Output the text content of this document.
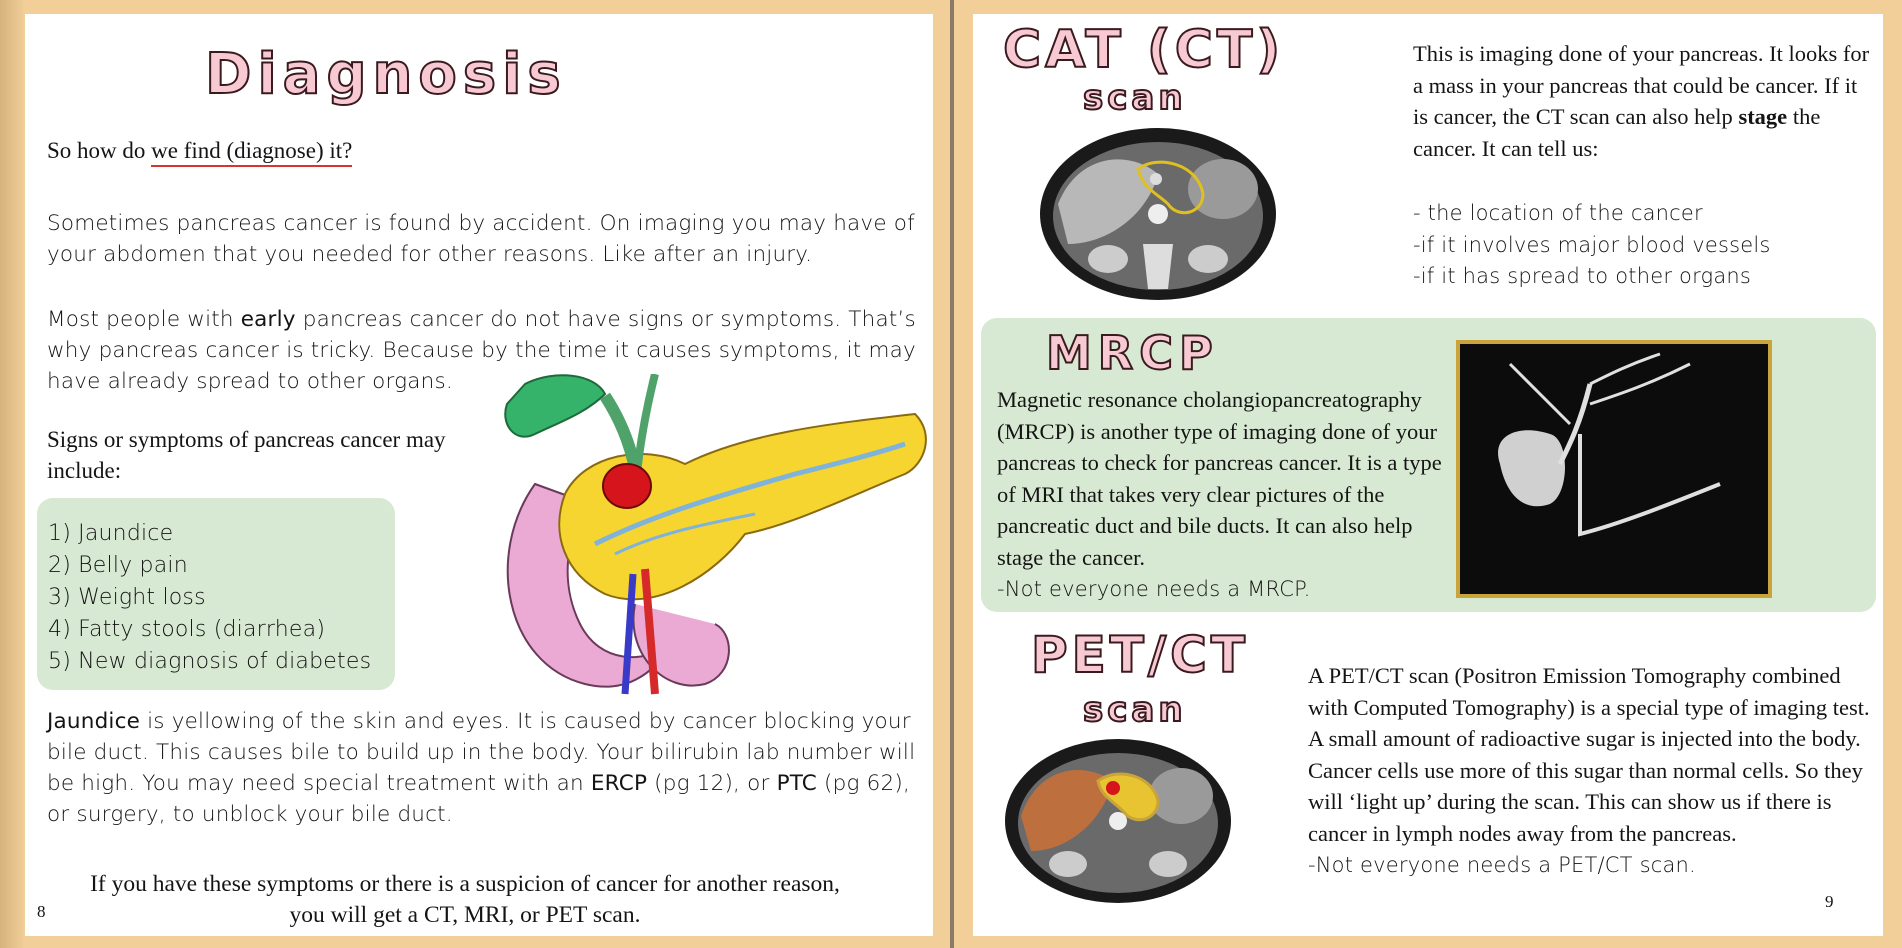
Diagnosis
So how do we find (diagnose) it?
Sometimes pancreas cancer is found by accident. On imaging you may have of your abdomen that you needed for other reasons. Like after an injury.
Most people with early pancreas cancer do not have signs or symptoms. That’s why pancreas cancer is tricky. Because by the time it causes symptoms, it may have already spread to other organs.
Signs or symptoms of pancreas cancer may include:
1) Jaundice
2) Belly pain
3) Weight loss
4) Fatty stools (diarrhea)
5) New diagnosis of diabetes
Jaundice is yellowing of the skin and eyes. It is caused by cancer blocking your bile duct. This causes bile to build up in the body. Your bilirubin lab number will be high. You may need special treatment with an ERCP (pg 12), or PTC (pg 62), or surgery, to unblock your bile duct.
If you have these symptoms or there is a suspicion of cancer for another reason, you will get a CT, MRI, or PET scan.
8
CAT (CT)
scan
This is imaging done of your pancreas. It looks for a mass in your pancreas that could be cancer. If it is cancer, the CT scan can also help stage the cancer. It can tell us:
- the location of the cancer
-if it involves major blood vessels
-if it has spread to other organs
MRCP
Magnetic resonance cholangiopancreatography (MRCP) is another type of imaging done of your pancreas to check for pancreas cancer. It is a type of MRI that takes very clear pictures of the pancreatic duct and bile ducts. It can also help stage the cancer.
-Not everyone needs a MRCP.
PET/CT
scan
A PET/CT scan (Positron Emission Tomography combined with Computed Tomography) is a special type of imaging test. A small amount of radioactive sugar is injected into the body. Cancer cells use more of this sugar than normal cells. So they will ‘light up’ during the scan. This can show us if there is cancer in lymph nodes away from the pancreas.
-Not everyone needs a PET/CT scan.
9
